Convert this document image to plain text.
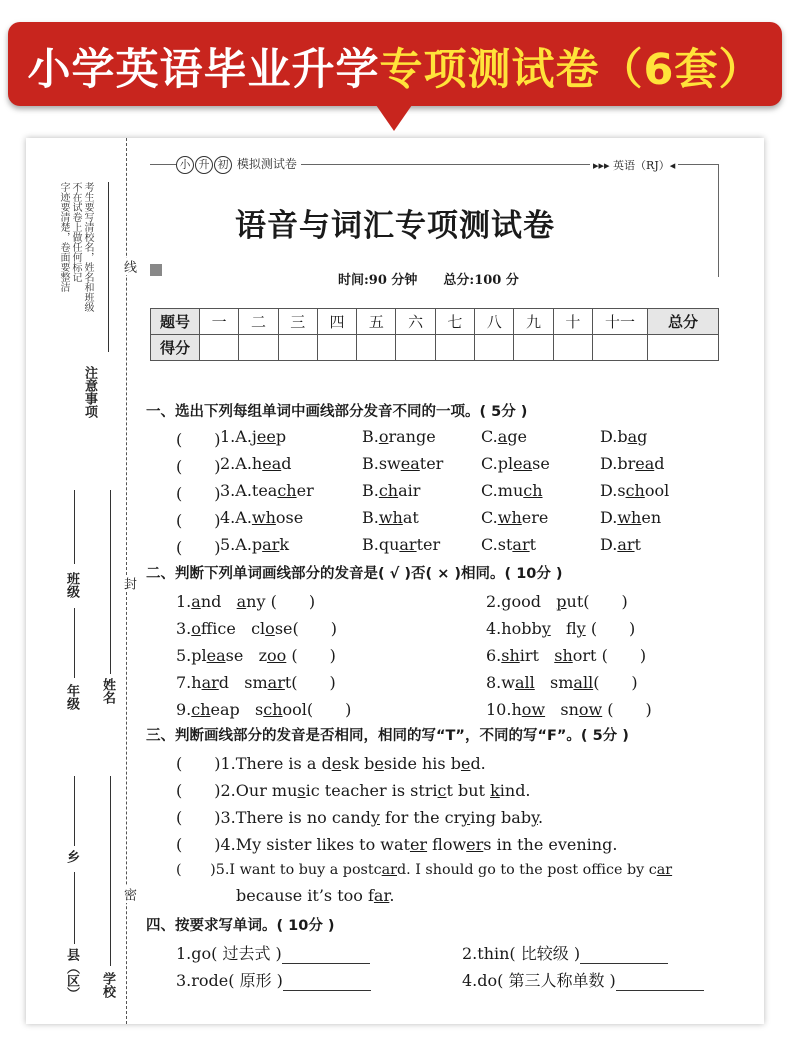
小学英语毕业升学专项测试卷（6套）
考生要写清校名，姓名和班级
不在试卷上做任何标记
字迹要清楚，卷面要整洁
注意事项
班级
年级 姓名
乡
县（区） 学校
线
封
密
小 升 初 模拟测试卷	▸▸▸ 英语（RJ）◂
语音与词汇专项测试卷
时间:90 分钟 总分:100 分
题号	一	二	三	四	五	六	七	八	九	十	十一	总分
得分												
一、选出下列每组单词中画线部分发音不同的一项。( 5分 )
(　　) 1.A.jeep	B.orange	C.age	D.bag
(　　) 2.A.head	B.sweater C.please	D.bread
(　　) 3.A.teacher	B.chair	C.much	D.school
(　　) 4.A.whose	B.what	C.where	D.when
(　　) 5.A.park	B.quarter	C.start	D.art
二、判断下列单词画线部分的发音是( √ )否( × )相同。( 10分 )
1.and any (　　)	2.good put(　　)
3.office close(　　)	4.hobby fly (　　)
5.please zoo (　　)	6.shirt short (　　)
7.hard smart(　　)	8.wall small(　　)
9.cheap school(　　)	10.how snow (　　)
三、判断画线部分的发音是否相同，相同的写“T”，不同的写“F”。( 5分 )
(　　)1.There is a desk beside his bed.
(　　)2.Our music teacher is strict but kind.
(　　)3.There is no candy for the crying baby.
(　　)4.My sister likes to water flowers in the evening.
(　　)5.I want to buy a postcard. I should go to the post office by car
because it’s too far.
四、按要求写单词。( 10分 )
1.go( 过去式 )	2.thin( 比较级 )
3.rode( 原形 )	4.do( 第三人称单数 )
